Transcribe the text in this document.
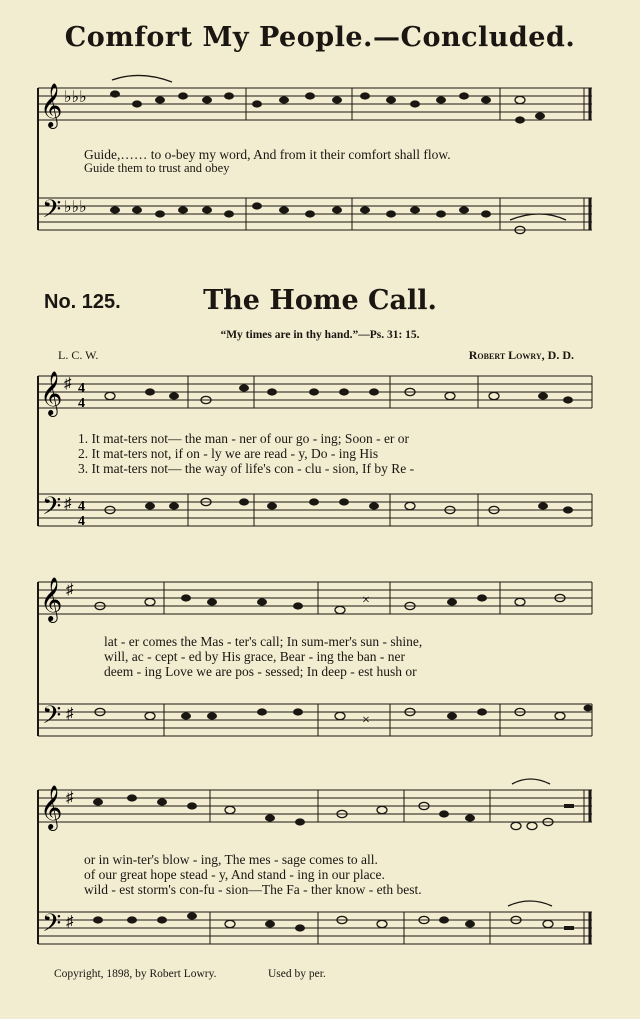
Comfort My People.—Concluded.
𝄞
𝄢
♭♭♭
♭♭♭
Guide,…… to o-bey my word, And from it their comfort shall flow.
Guide them to trust and obey
No. 125.	The Home Call.
“My times are in thy hand.”—Ps. 31: 15.
L. C. W.	Robert Lowry, D. D.
𝄞
𝄢
♯
♯
4
4
4
4
1. It mat-ters not— the man - ner of our go - ing; Soon - er or
2. It mat-ters not, if on - ly we are read - y, Do - ing His
3. It mat-ters not— the way of life's con - clu - sion, If by Re -
𝄞
𝄢
♯
♯
×
×
lat - er comes the Mas - ter's call; In sum-mer's sun - shine,
will, ac - cept - ed by His grace, Bear - ing the ban - ner
deem - ing Love we are pos - sessed; In deep - est hush or
𝄞
𝄢
♯
♯
or in win-ter's blow - ing, The mes - sage comes to all.
of our great hope stead - y, And stand - ing in our place.
wild - est storm's con-fu - sion—The Fa - ther know - eth best.
Copyright, 1898, by Robert Lowry.	Used by per.
